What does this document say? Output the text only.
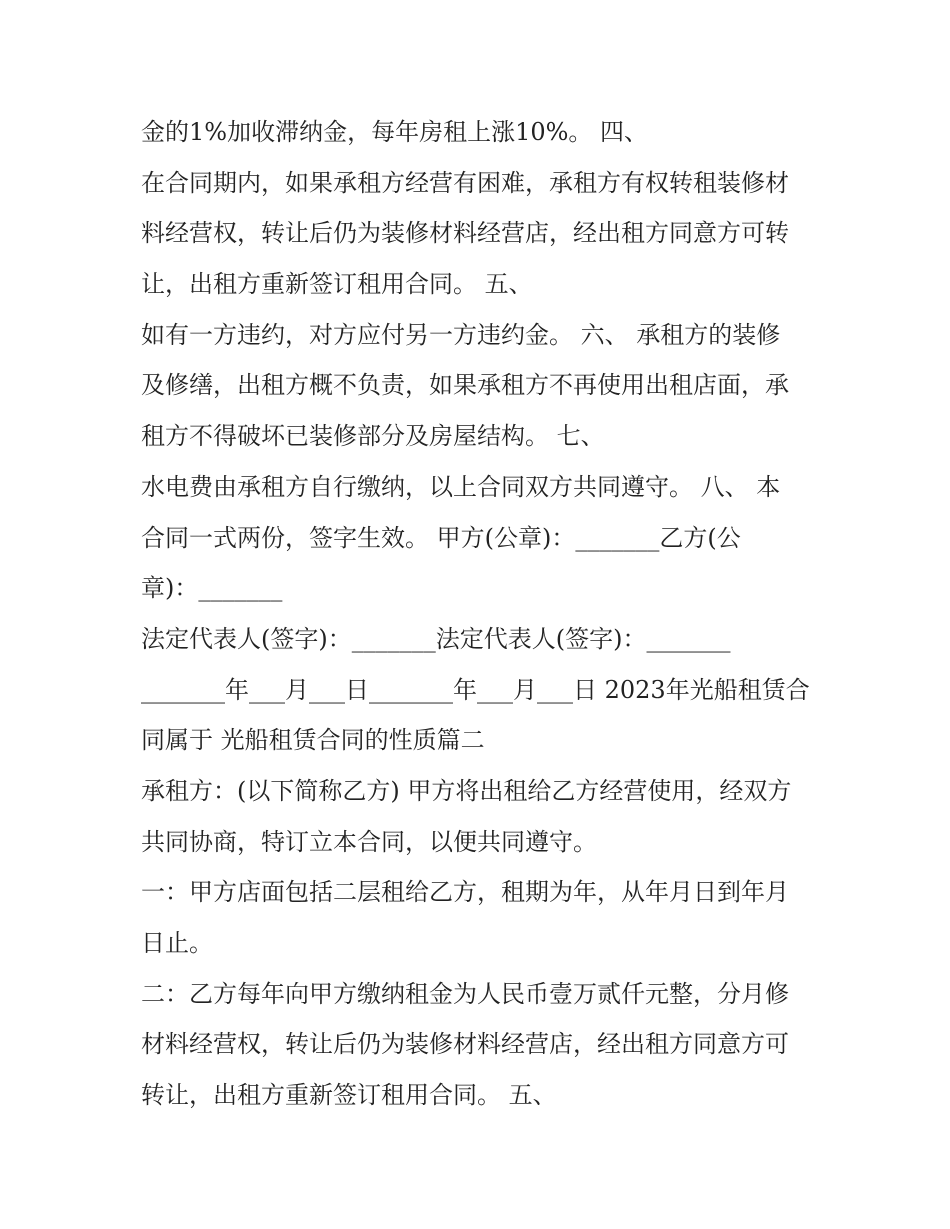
金的1%加收滞纳金，每年房租上涨10%。 四、
在合同期内，如果承租方经营有困难，承租方有权转租装修材
料经营权，转让后仍为装修材料经营店，经出租方同意方可转
让，出租方重新签订租用合同。 五、
如有一方违约，对方应付另一方违约金。 六、 承租方的装修
及修缮，出租方概不负责，如果承租方不再使用出租店面，承
租方不得破坏已装修部分及房屋结构。 七、
水电费由承租方自行缴纳，以上合同双方共同遵守。 八、 本
合同一式两份，签字生效。 甲方(公章)：_______乙方(公
章)：_______
法定代表人(签字)：_______法定代表人(签字)：_______
_______年___月___日_______年___月___日 2023年光船租赁合
同属于 光船租赁合同的性质篇二
承租方：(以下简称乙方) 甲方将出租给乙方经营使用，经双方
共同协商，特订立本合同，以便共同遵守。
一：甲方店面包括二层租给乙方，租期为年，从年月日到年月
日止。
二：乙方每年向甲方缴纳租金为人民币壹万贰仟元整，分月修
材料经营权，转让后仍为装修材料经营店，经出租方同意方可
转让，出租方重新签订租用合同。 五、
